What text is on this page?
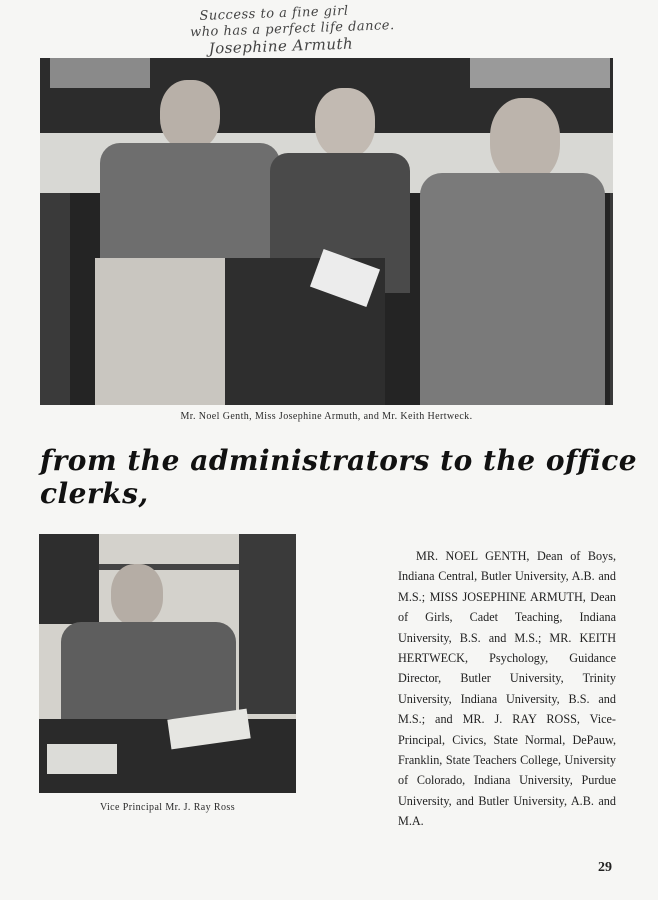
Success to a fine girl
who has a perfect life dance.
Josephine Armuth
Mr. Noel Genth, Miss Josephine Armuth, and Mr. Keith Hertweck.
from the administrators to the office clerks,
Vice Principal Mr. J. Ray Ross
MR. NOEL GENTH, Dean of Boys, Indiana Central, Butler University, A.B. and M.S.; MISS JOSEPHINE ARMUTH, Dean of Girls, Cadet Teaching, Indiana University, B.S. and M.S.; MR. KEITH HERTWECK, Psychology, Guidance Director, Butler University, Trinity University, Indiana University, B.S. and M.S.; and MR. J. RAY ROSS, Vice-Principal, Civics, State Normal, DePauw, Franklin, State Teachers College, University of Colorado, Indiana University, Purdue University, and Butler University, A.B. and M.A.
29
